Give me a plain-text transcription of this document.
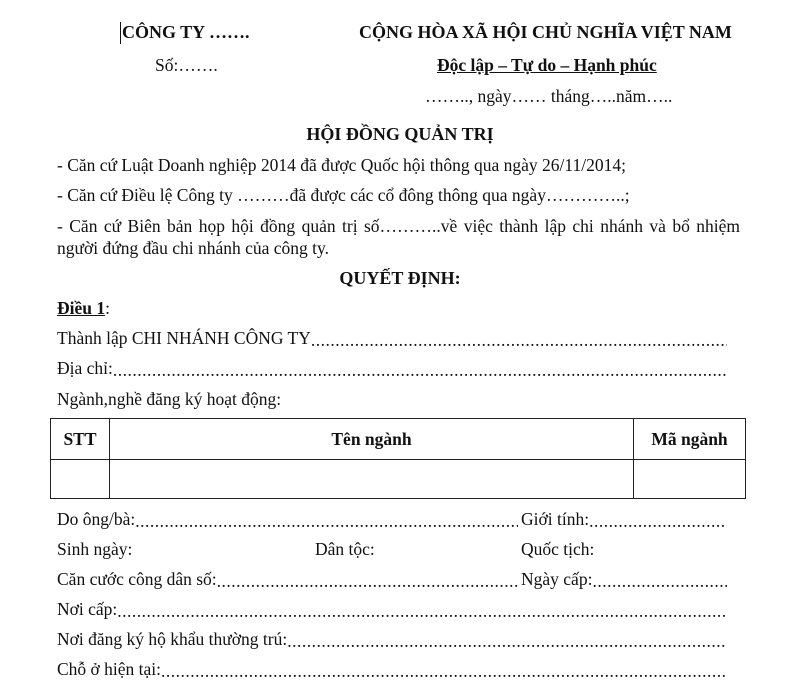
CÔNG TY …….
Số:…….
CỘNG HÒA XÃ HỘI CHỦ NGHĨA VIỆT NAM
Độc lập – Tự do – Hạnh phúc
…….., ngày…… tháng…..năm…..
HỘI ĐỒNG QUẢN TRỊ
- Căn cứ Luật Doanh nghiệp 2014 đã được Quốc hội thông qua ngày 26/11/2014;
- Căn cứ Điều lệ Công ty ………đã được các cổ đông thông qua ngày…………..;
- Căn cứ Biên bản họp hội đồng quản trị số………..về việc thành lập chi nhánh và bổ nhiệm người đứng đầu chi nhánh của công ty.
QUYẾT ĐỊNH:
Điều 1:
Thành lập CHI NHÁNH CÔNG TY
.....
Địa chỉ:
.....
Ngành,nghề đăng ký hoạt động:
STT	Tên ngành	Mã ngành

Do ông/bà: .....	Giới tính:
.....
Sinh ngày:	Dân tộc:	Quốc tịch:
Căn cước công dân số: .....	Ngày cấp:
.....
Nơi cấp:
.....
Nơi đăng ký hộ khẩu thường trú:
.....
Chỗ ở hiện tại:
.....
